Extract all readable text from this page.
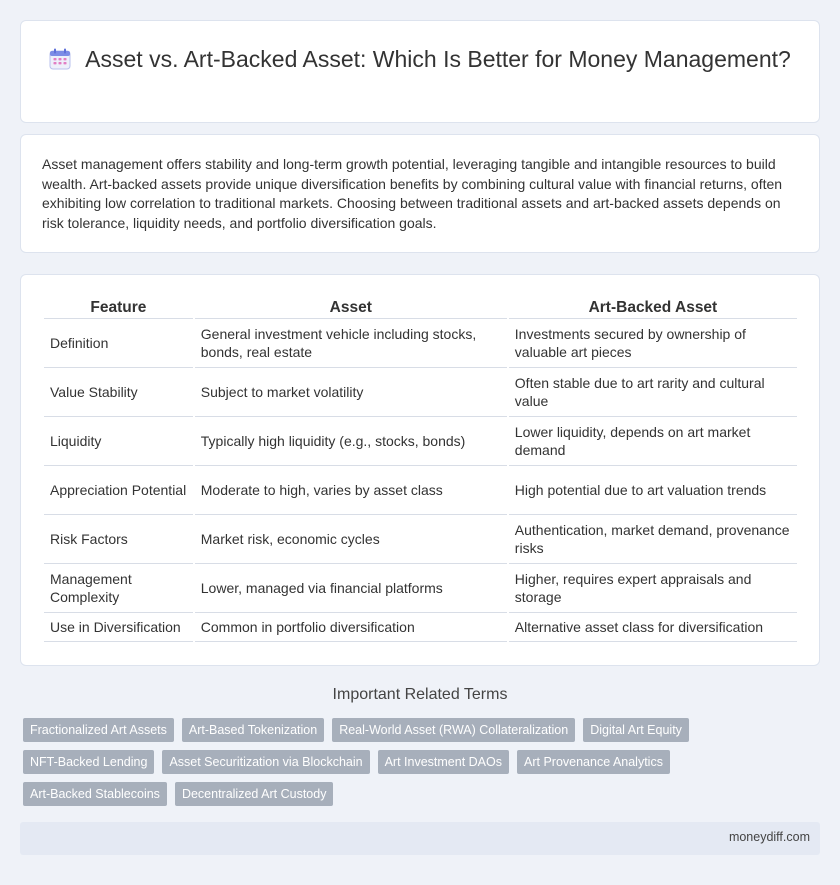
Asset vs. Art-Backed Asset: Which Is Better for Money Management?

Asset management offers stability and long-term growth potential, leveraging tangible and intangible resources to build wealth. Art-backed assets provide unique diversification benefits by combining cultural value with financial returns, often exhibiting low correlation to traditional markets. Choosing between traditional assets and art-backed assets depends on risk tolerance, liquidity needs, and portfolio diversification goals.

Feature	Asset	Art-Backed Asset
Definition	General investment vehicle including stocks, bonds, real estate	Investments secured by ownership of valuable art pieces
Value Stability	Subject to market volatility	Often stable due to art rarity and cultural value
Liquidity	Typically high liquidity (e.g., stocks, bonds)	Lower liquidity, depends on art market demand
Appreciation Potential	Moderate to high, varies by asset class	High potential due to art valuation trends
Risk Factors	Market risk, economic cycles	Authentication, market demand, provenance risks
Management Complexity	Lower, managed via financial platforms	Higher, requires expert appraisals and storage
Use in Diversification	Common in portfolio diversification	Alternative asset class for diversification
Important Related Terms
Fractionalized Art Assets	Art-Based Tokenization	Real-World Asset (RWA) Collateralization	Digital Art Equity
NFT-Backed Lending	Asset Securitization via Blockchain	Art Investment DAOs	Art Provenance Analytics
Art-Backed Stablecoins	Decentralized Art Custody
moneydiff.com
